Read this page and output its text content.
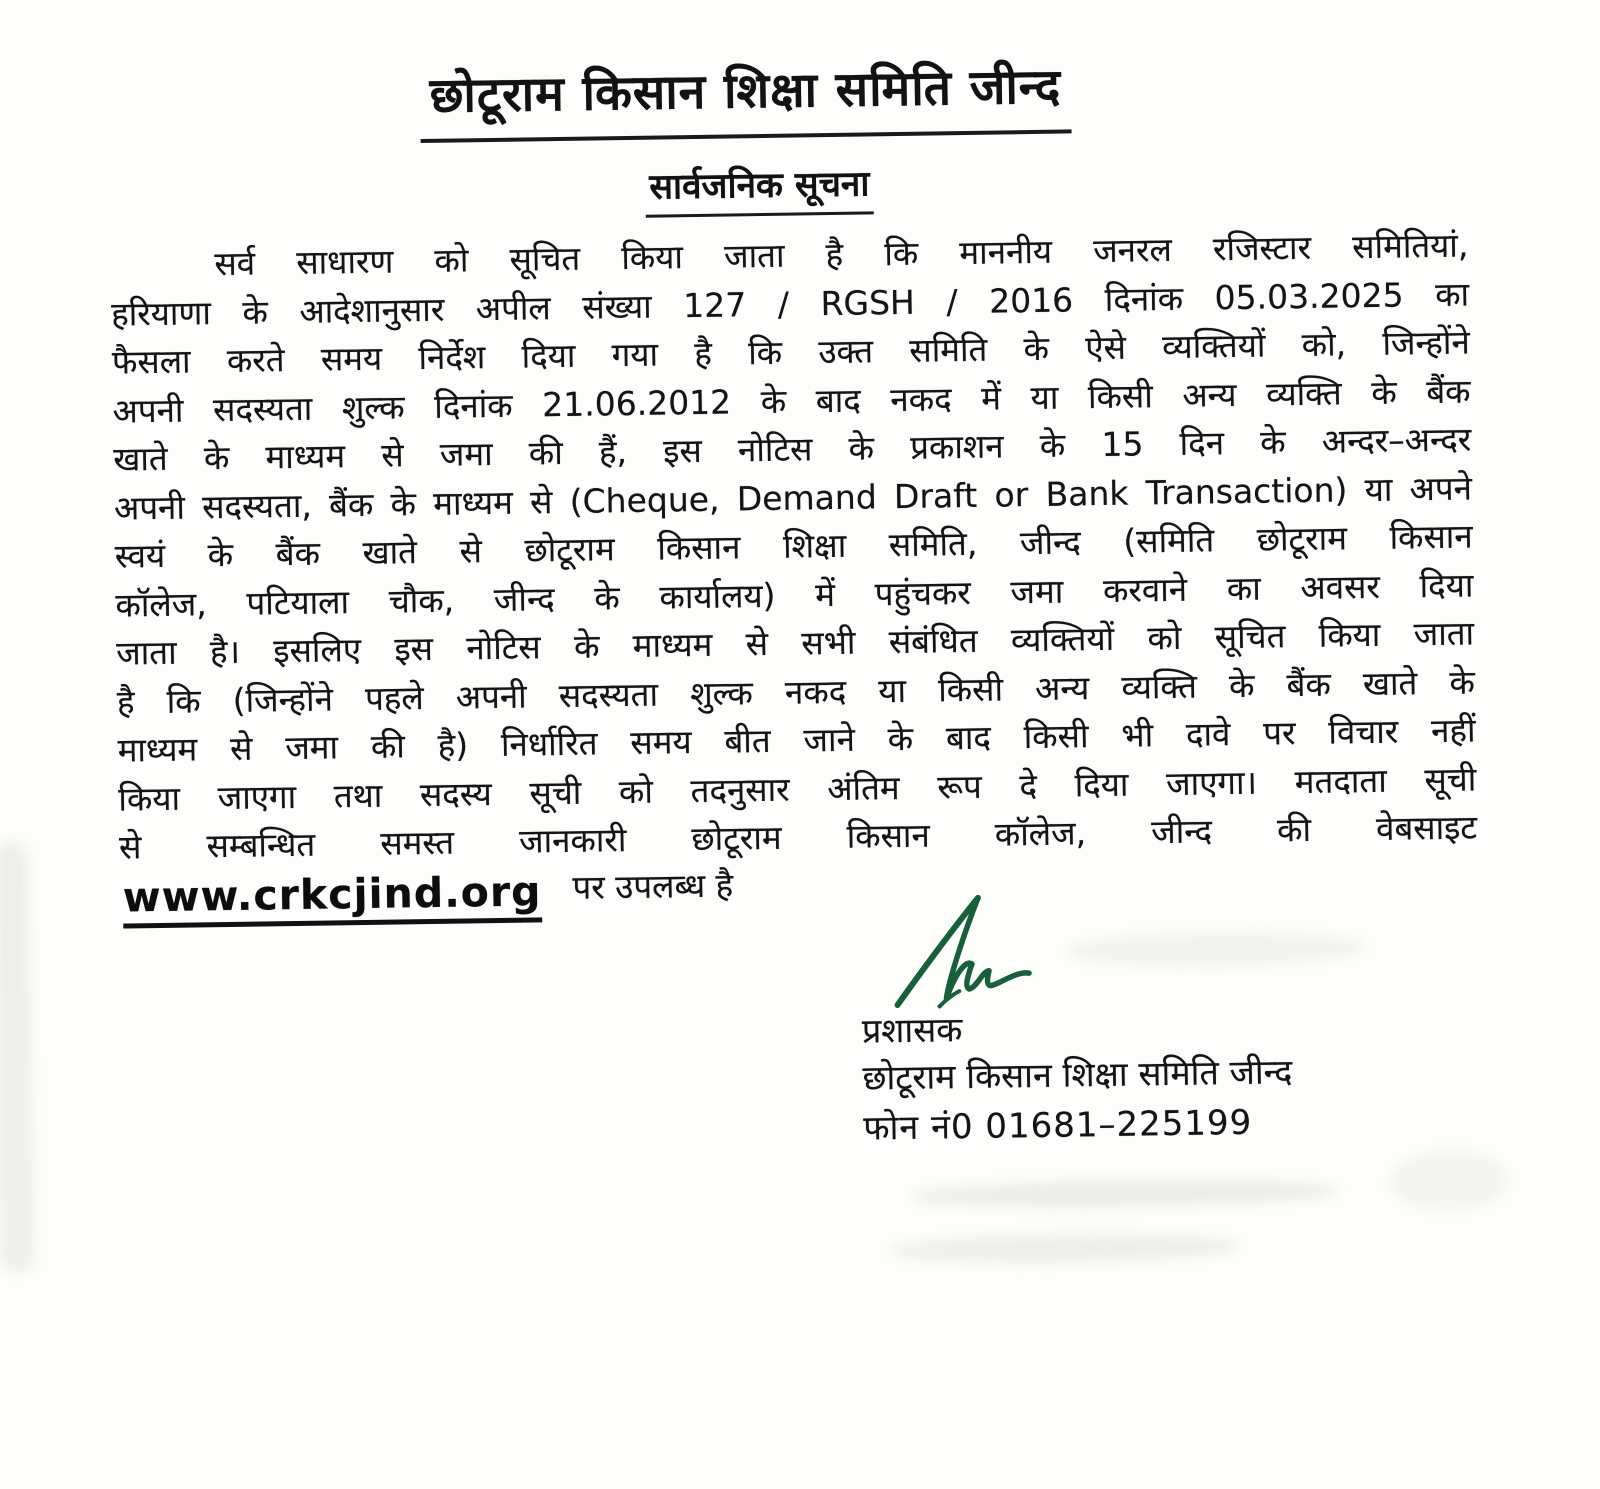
छोटूराम किसान शिक्षा समिति जीन्द
सार्वजनिक सूचना
सर्व साधारण को सूचित किया जाता है कि माननीय जनरल रजिस्टार समितियां,
हरियाणा के आदेशानुसार अपील संख्या 127 / RGSH / 2016 दिनांक 05.03.2025 का
फैसला करते समय निर्देश दिया गया है कि उक्त समिति के ऐसे व्यक्तियों को, जिन्होंने
अपनी सदस्यता शुल्क दिनांक 21.06.2012 के बाद नकद में या किसी अन्य व्यक्ति के बैंक
खाते के माध्यम से जमा की हैं, इस नोटिस के प्रकाशन के 15 दिन के अन्दर–अन्दर
अपनी सदस्यता, बैंक के माध्यम से (Cheque, Demand Draft or Bank Transaction) या अपने
स्वयं के बैंक खाते से छोटूराम किसान शिक्षा समिति, जीन्द (समिति छोटूराम किसान
कॉलेज, पटियाला चौक, जीन्द के कार्यालय) में पहुंचकर जमा करवाने का अवसर दिया
जाता है। इसलिए इस नोटिस के माध्यम से सभी संबंधित व्यक्तियों को सूचित किया जाता
है कि (जिन्होंने पहले अपनी सदस्यता शुल्क नकद या किसी अन्य व्यक्ति के बैंक खाते के
माध्यम से जमा की है) निर्धारित समय बीत जाने के बाद किसी भी दावे पर विचार नहीं
किया जाएगा तथा सदस्य सूची को तदनुसार अंतिम रूप दे दिया जाएगा। मतदाता सूची
से सम्बन्धित समस्त जानकारी छोटूराम किसान कॉलेज, जीन्द की वेबसाइट
www.crkcjind.org पर उपलब्ध है
प्रशासक
छोटूराम किसान शिक्षा समिति जीन्द
फोन नं0 01681–225199
